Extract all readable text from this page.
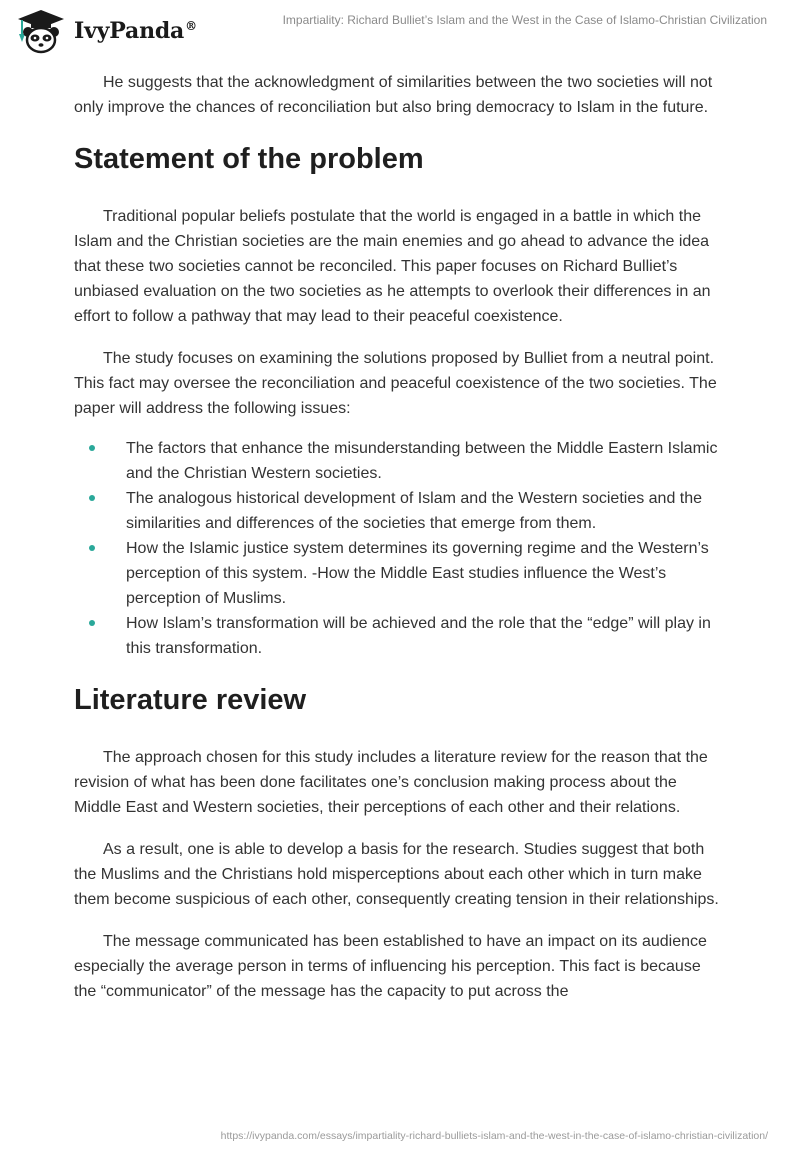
IvyPanda®	Impartiality: Richard Bulliet’s Islam and the West in the Case of Islamo-Christian Civilization

He suggests that the acknowledgment of similarities between the two societies will not only improve the chances of reconciliation but also bring democracy to Islam in the future.

Statement of the problem

Traditional popular beliefs postulate that the world is engaged in a battle in which the Islam and the Christian societies are the main enemies and go ahead to advance the idea that these two societies cannot be reconciled. This paper focuses on Richard Bulliet’s unbiased evaluation on the two societies as he attempts to overlook their differences in an effort to follow a pathway that may lead to their peaceful coexistence.

The study focuses on examining the solutions proposed by Bulliet from a neutral point. This fact may oversee the reconciliation and peaceful coexistence of the two societies. The paper will address the following issues:

The factors that enhance the misunderstanding between the Middle Eastern Islamic and the Christian Western societies.
The analogous historical development of Islam and the Western societies and the similarities and differences of the societies that emerge from them.
How the Islamic justice system determines its governing regime and the Western’s perception of this system. -How the Middle East studies influence the West’s perception of Muslims.
How Islam’s transformation will be achieved and the role that the “edge” will play in this transformation.
Literature review

The approach chosen for this study includes a literature review for the reason that the revision of what has been done facilitates one’s conclusion making process about the Middle East and Western societies, their perceptions of each other and their relations.

As a result, one is able to develop a basis for the research. Studies suggest that both the Muslims and the Christians hold misperceptions about each other which in turn make them become suspicious of each other, consequently creating tension in their relationships.

The message communicated has been established to have an impact on its audience especially the average person in terms of influencing his perception. This fact is because the “communicator” of the message has the capacity to put across the

https://ivypanda.com/essays/impartiality-richard-bulliets-islam-and-the-west-in-the-case-of-islamo-christian-civilization/
